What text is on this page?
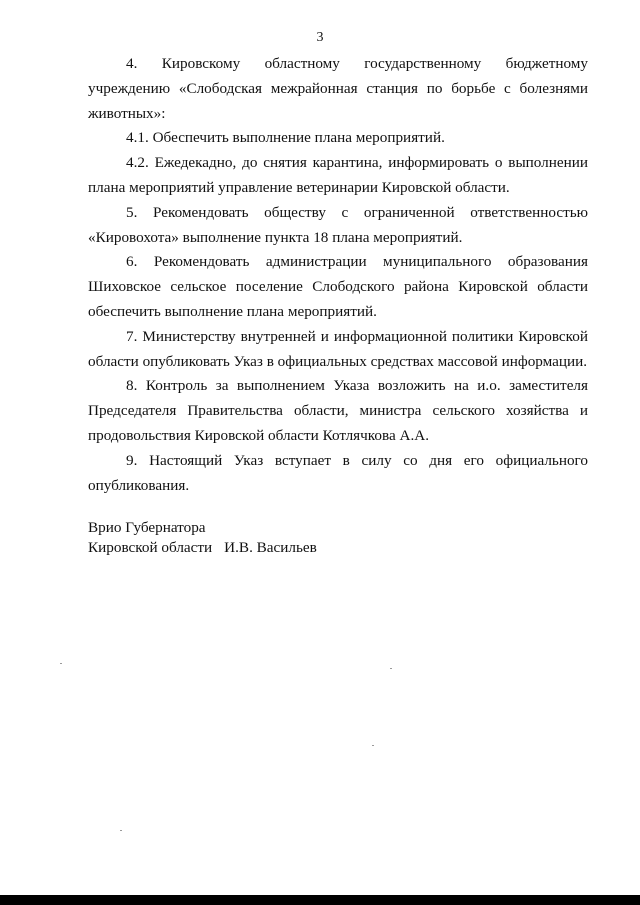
3

4. Кировскому областному государственному бюджетному учреждению «Слободская межрайонная станция по борьбе с болезнями животных»:

4.1. Обеспечить выполнение плана мероприятий.

4.2. Ежедекадно, до снятия карантина, информировать о выполнении плана мероприятий управление ветеринарии Кировской области.

5. Рекомендовать обществу с ограниченной ответственностью «Кировохота» выполнение пункта 18 плана мероприятий.

6. Рекомендовать администрации муниципального образования Шиховское сельское поселение Слободского района Кировской области обеспечить выполнение плана мероприятий.

7. Министерству внутренней и информационной политики Кировской области опубликовать Указ в официальных средствах массовой информации.

8. Контроль за выполнением Указа возложить на и.о. заместителя Председателя Правительства области, министра сельского хозяйства и продовольствия Кировской области Котлячкова А.А.

9. Настоящий Указ вступает в силу со дня его официального опубликования.

Врио Губернатора
Кировской области И.В. Васильев
